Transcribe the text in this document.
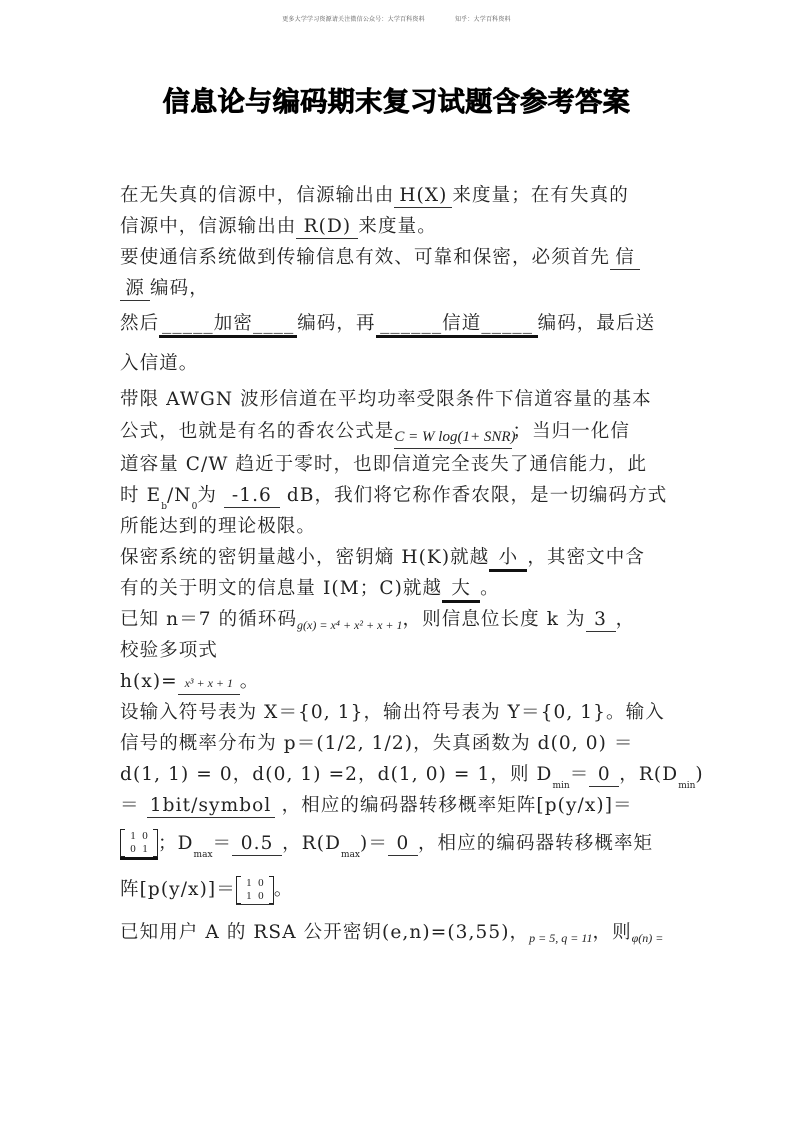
更多大学学习资源请关注微信公众号：大学百科资料	知乎：大学百科资料
信息论与编码期末复习试题含参考答案
在无失真的信源中，信源输出由 H(X) 来度量；在有失真的
信源中，信源输出由 R(D) 来度量。
要使通信系统做到传输信息有效、可靠和保密，必须首先 信
源 编码，
然后 _____加密____ 编码，再 ______信道_____ 编码，最后送
入信道。
带限 AWGN 波形信道在平均功率受限条件下信道容量的基本
公式，也就是有名的香农公式是C = W log(1+ SNR)；当归一化信
道容量 C/W 趋近于零时，也即信道完全丧失了通信能力，此
时 $E_b/N_0$为 -1.6 dB，我们将它称作香农限，是一切编码方式
所能达到的理论极限。
保密系统的密钥量越小，密钥熵 H(K)就越 小 ，其密文中含
有的关于明文的信息量 I(M；C)就越 大 。
已知 n＝7 的循环码$_{g(x) = x^4 + x^2 + x + 1}$，则信息位长度 k 为 3 ，
校验多项式
h(x)= x³ + x + 1 。
设输入符号表为 X＝{0, 1}，输出符号表为 Y＝{0, 1}。输入
信号的概率分布为 p＝(1/2, 1/2)，失真函数为 d(0, 0) ＝
d(1, 1) = 0，d(0, 1) =2，d(1, 0) = 1，则 $D_{min}= 0$ ，$R(D_{min})$
＝ 1bit/symbol ，相应的编码器转移概率矩阵[p(y/x)]＝
1 0
0 1 ；$D_{max}= 0.5$ ，$R(D_{max})= 0$ ，相应的编码器转移概率矩
阵[p(y/x)]＝ 1 0
1 0 。
已知用户 A 的 RSA 公开密钥(e,n)=(3,55)，$_{p = 5, q = 11}$，则$_{\varphi(n) =}$
